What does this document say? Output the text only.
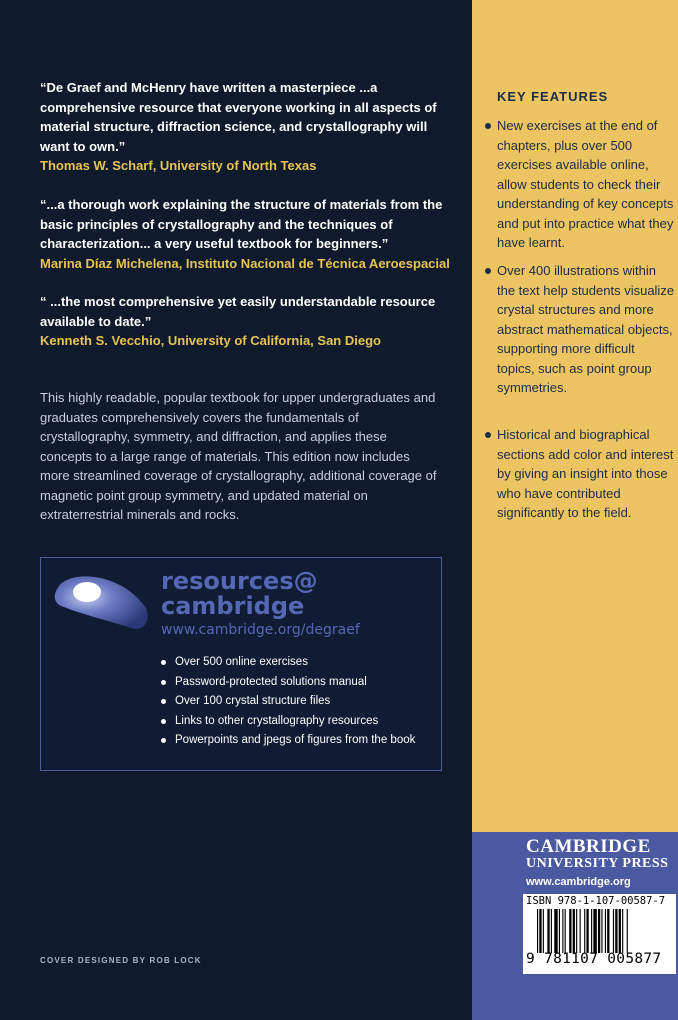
“De Graef and McHenry have written a masterpiece ...a comprehensive resource that everyone working in all aspects of material structure, diffraction science, and crystallography will want to own.”
Thomas W. Scharf, University of North Texas
“...a thorough work explaining the structure of materials from the basic principles of crystallography and the techniques of characterization... a very useful textbook for beginners.”
Marina Díaz Michelena, Instituto Nacional de Técnica Aeroespacial
“ ...the most comprehensive yet easily understandable resource available to date.”
Kenneth S. Vecchio, University of California, San Diego
This highly readable, popular textbook for upper undergraduates and graduates comprehensively covers the fundamentals of crystallography, symmetry, and diffraction, and applies these concepts to a large range of materials. This edition now includes more streamlined coverage of crystallography, additional coverage of magnetic point group symmetry, and updated material on extraterrestrial minerals and rocks.
resources@
cambridge
www.cambridge.org/degraef
Over 500 online exercises
Password-protected solutions manual
Over 100 crystal structure files
Links to other crystallography resources
Powerpoints and jpegs of figures from the book
COVER DESIGNED BY ROB LOCK
KEY FEATURES
New exercises at the end of chapters, plus over 500 exercises available online, allow students to check their understanding of key concepts and put into practice what they have learnt.
Over 400 illustrations within the text help students visualize crystal structures and more abstract mathematical objects, supporting more difficult topics, such as point group symmetries.
Historical and biographical sections add color and interest by giving an insight into those who have contributed significantly to the field.
CAMBRIDGE
UNIVERSITY PRESS
www.cambridge.org
ISBN 978-1-107-00587-7
9 781107 005877
